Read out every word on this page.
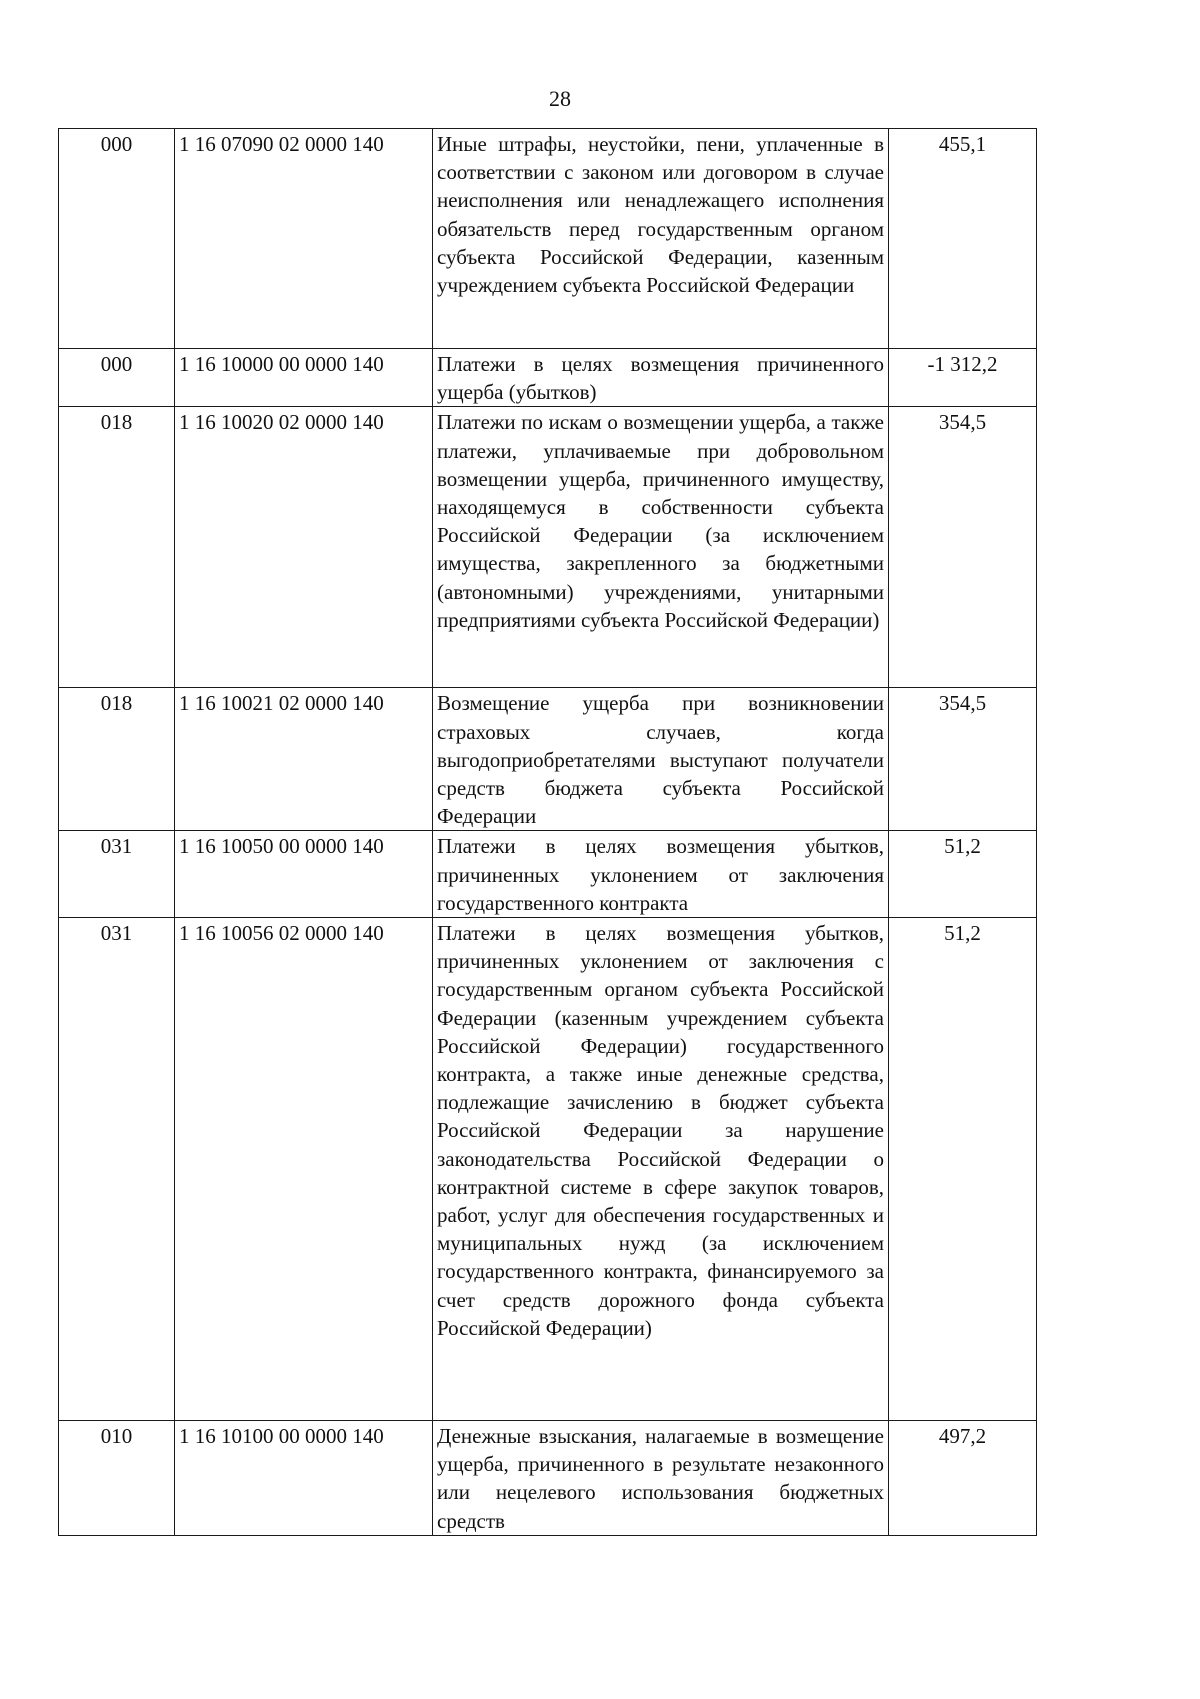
28
000	1 16 07090 02 0000 140	Иные штрафы, неустойки, пени, уплаченные в соответствии с законом или договором в случае неисполнения или ненадлежащего исполнения обязательств перед государственным органом субъекта Российской Федерации, казенным учреждением субъекта Российской Федерации	455,1
000	1 16 10000 00 0000 140	Платежи в целях возмещения причиненного ущерба (убытков)	-1 312,2
018	1 16 10020 02 0000 140	Платежи по искам о возмещении ущерба, а также платежи, уплачиваемые при добровольном возмещении ущерба, причиненного имуществу, находящемуся в собственности субъекта Российской Федерации (за исключением имущества, закрепленного за бюджетными (автономными) учреждениями, унитарными предприятиями субъекта Российской Федерации)	354,5
018	1 16 10021 02 0000 140	Возмещение ущерба при возникновении страховых случаев, когда выгодоприобретателями выступают получатели средств бюджета субъекта Российской Федерации	354,5
031	1 16 10050 00 0000 140	Платежи в целях возмещения убытков, причиненных уклонением от заключения государственного контракта	51,2
031	1 16 10056 02 0000 140	Платежи в целях возмещения убытков, причиненных уклонением от заключения с государственным органом субъекта Российской Федерации (казенным учреждением субъекта Российской Федерации) государственного контракта, а также иные денежные средства, подлежащие зачислению в бюджет субъекта Российской Федерации за нарушение законодательства Российской Федерации о контрактной системе в сфере закупок товаров, работ, услуг для обеспечения государственных и муниципальных нужд (за исключением государственного контракта, финансируемого за счет средств дорожного фонда субъекта Российской Федерации)	51,2
010	1 16 10100 00 0000 140	Денежные взыскания, налагаемые в возмещение ущерба, причиненного в результате незаконного или нецелевого использования бюджетных средств	497,2
